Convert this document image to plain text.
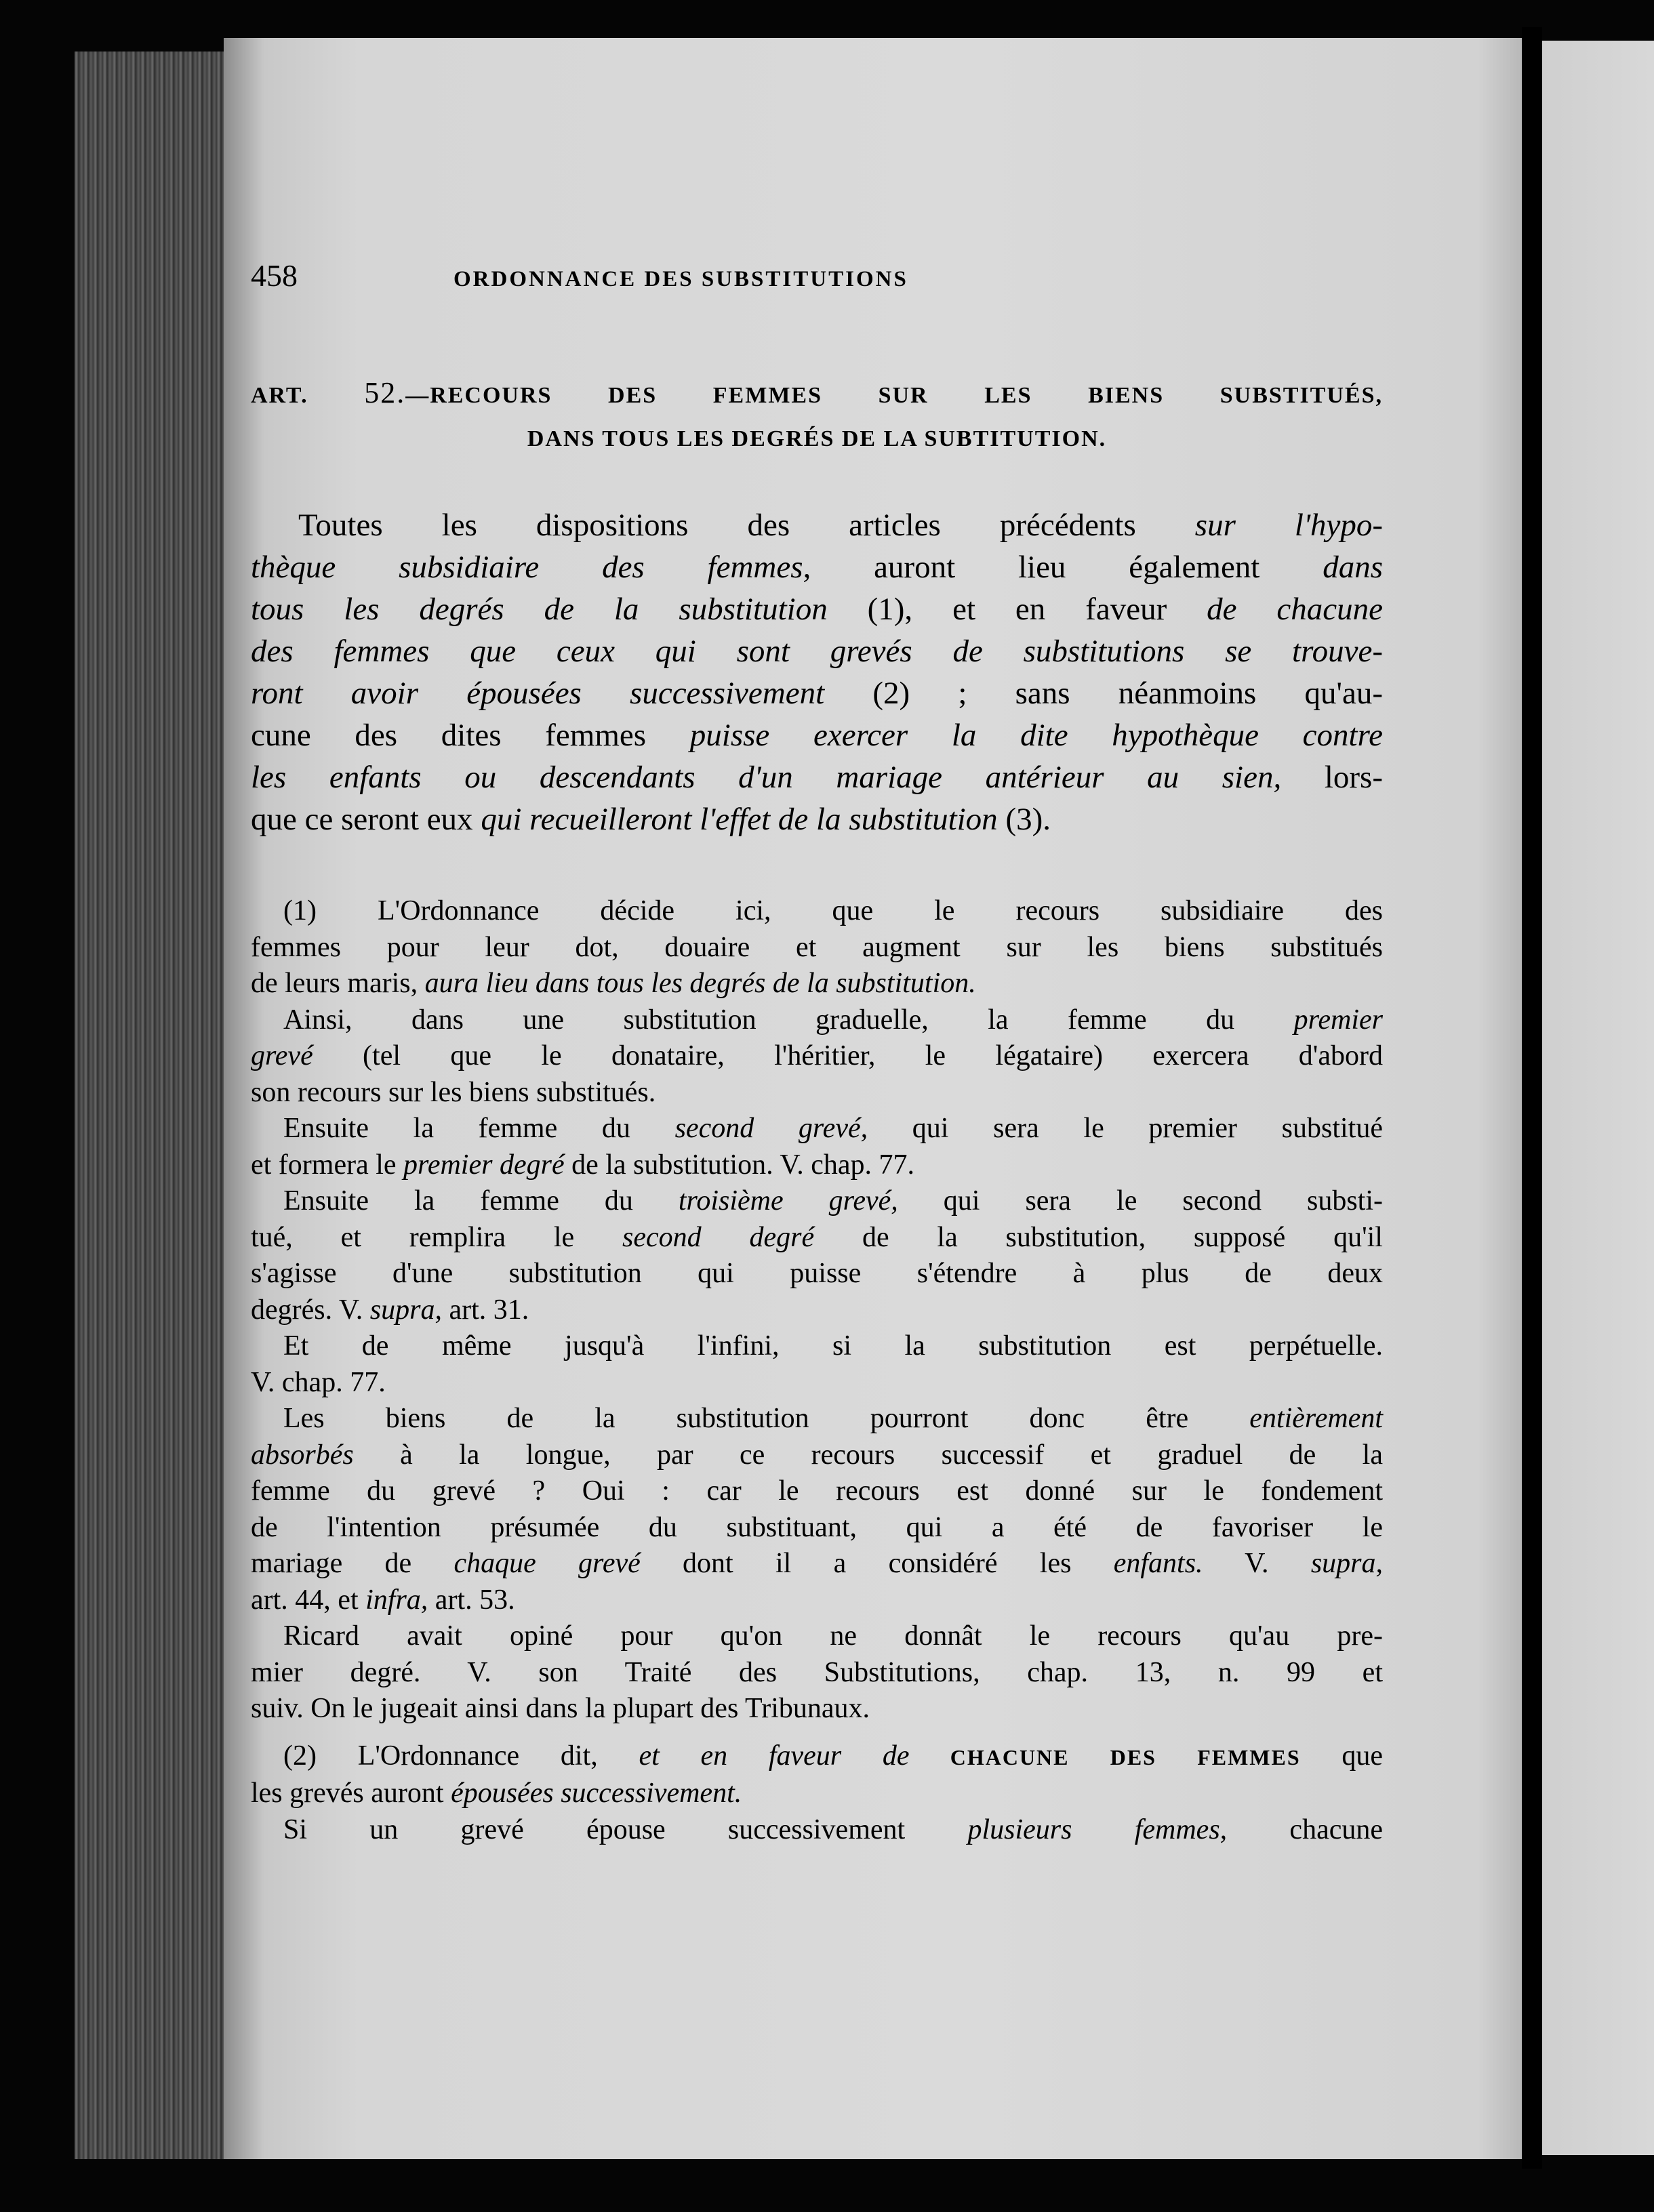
458	ORDONNANCE DES SUBSTITUTIONS
ART. 52.—RECOURS DES FEMMES SUR LES BIENS SUBSTITUÉS,
DANS TOUS LES DEGRÉS DE LA SUBTITUTION.
Toutes les dispositions des articles précédents sur l'hypo-
thèque subsidiaire des femmes, auront lieu également dans
tous les degrés de la substitution (1), et en faveur de chacune
des femmes que ceux qui sont grevés de substitutions se trouve-
ront avoir épousées successivement (2) ; sans néanmoins qu'au-
cune des dites femmes puisse exercer la dite hypothèque contre
les enfants ou descendants d'un mariage antérieur au sien, lors-
que ce seront eux qui recueilleront l'effet de la substitution (3).
(1) L'Ordonnance décide ici, que le recours subsidiaire des
femmes pour leur dot, douaire et augment sur les biens substitués
de leurs maris, aura lieu dans tous les degrés de la substitution.
Ainsi, dans une substitution graduelle, la femme du premier
grevé (tel que le donataire, l'héritier, le légataire) exercera d'abord
son recours sur les biens substitués.
Ensuite la femme du second grevé, qui sera le premier substitué
et formera le premier degré de la substitution. V. chap. 77.
Ensuite la femme du troisième grevé, qui sera le second substi-
tué, et remplira le second degré de la substitution, supposé qu'il
s'agisse d'une substitution qui puisse s'étendre à plus de deux
degrés. V. supra, art. 31.
Et de même jusqu'à l'infini, si la substitution est perpétuelle.
V. chap. 77.
Les biens de la substitution pourront donc être entièrement
absorbés à la longue, par ce recours successif et graduel de la
femme du grevé ? Oui : car le recours est donné sur le fondement
de l'intention présumée du substituant, qui a été de favoriser le
mariage de chaque grevé dont il a considéré les enfants. V. supra,
art. 44, et infra, art. 53.
Ricard avait opiné pour qu'on ne donnât le recours qu'au pre-
mier degré. V. son Traité des Substitutions, chap. 13, n. 99 et
suiv. On le jugeait ainsi dans la plupart des Tribunaux.
(2) L'Ordonnance dit, et en faveur de CHACUNE DES FEMMES que
les grevés auront épousées successivement.
Si un grevé épouse successivement plusieurs femmes, chacune
